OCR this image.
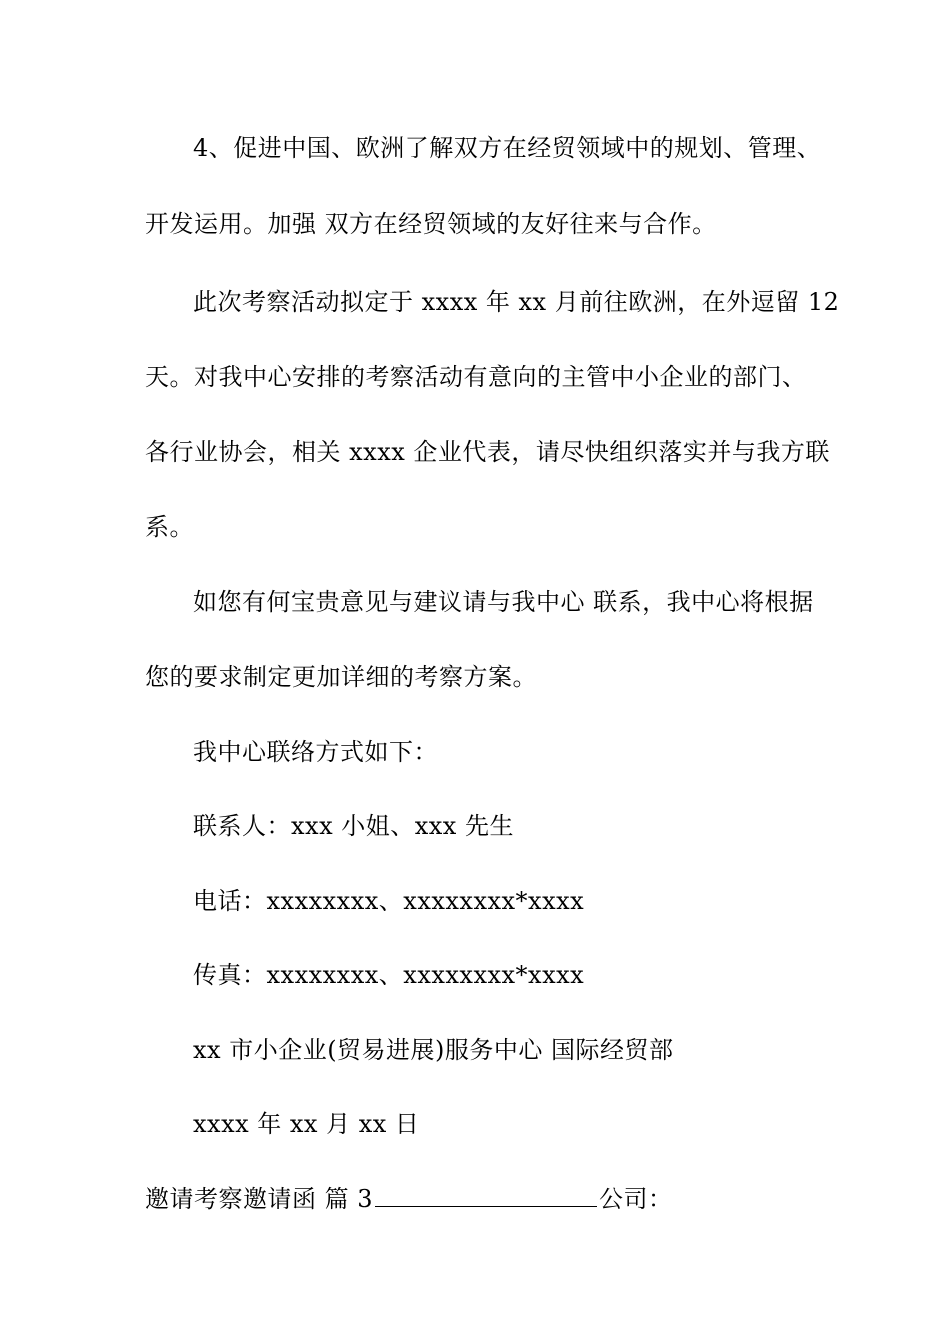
4、促进中国、欧洲了解双方在经贸领域中的规划、管理、
开发运用。加强 双方在经贸领域的友好往来与合作。
此次考察活动拟定于 xxxx 年 xx 月前往欧洲，在外逗留 12
天。对我中心安排的考察活动有意向的主管中小企业的部门、
各行业协会，相关 xxxx 企业代表，请尽快组织落实并与我方联
系。
如您有何宝贵意见与建议请与我中心 联系，我中心将根据
您的要求制定更加详细的考察方案。
我中心联络方式如下：
联系人：xxx 小姐、xxx 先生
电话：xxxxxxxx、xxxxxxxx*xxxx
传真：xxxxxxxx、xxxxxxxx*xxxx
xx 市小企业(贸易进展)服务中心 国际经贸部
xxxx 年 xx 月 xx 日
邀请考察邀请函 篇 3	公司：
